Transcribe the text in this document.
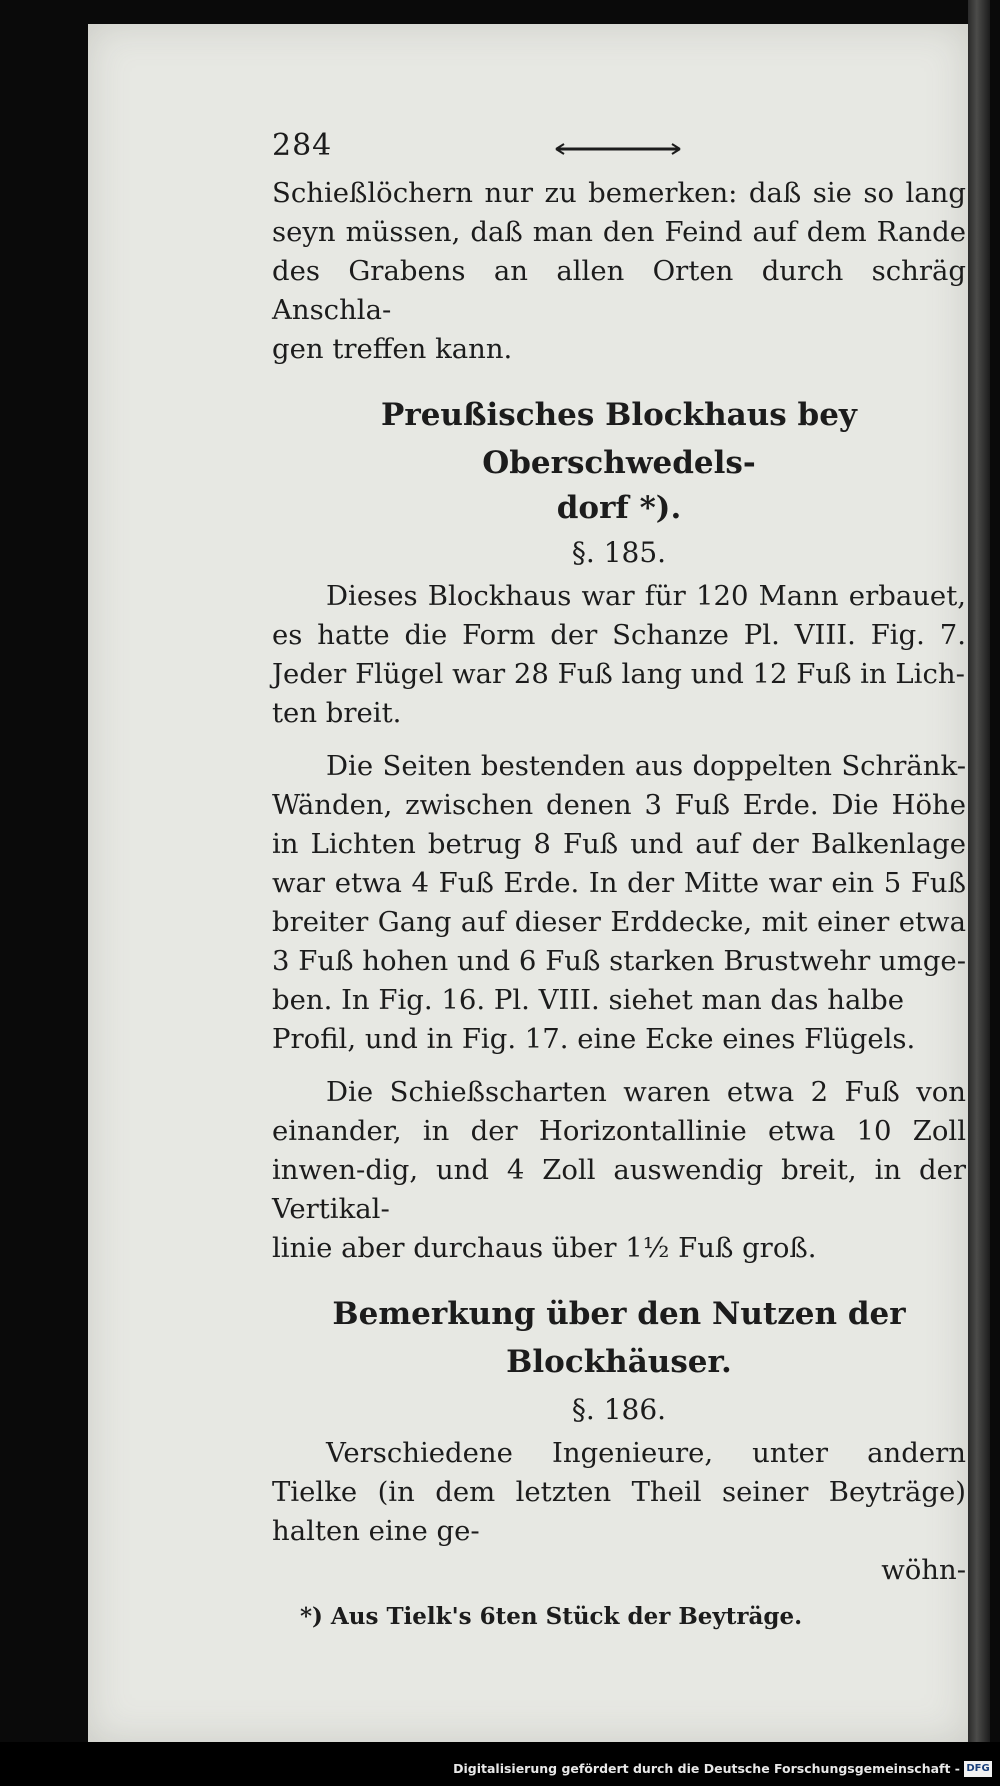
284

Schießlöchern nur zu bemerken: daß sie so lang seyn müssen, daß man den Feind auf dem Rande des Grabens an allen Orten durch schräg Anschla-

gen treffen kann.

Preußisches Blockhaus bey Oberschwedels-
dorf *).
§. 185.

Dieses Blockhaus war für 120 Mann erbauet, es hatte die Form der Schanze Pl. VIII. Fig. 7. Jeder Flügel war 28 Fuß lang und 12 Fuß in Lich-

ten breit.

Die Seiten bestenden aus doppelten Schränk-Wänden, zwischen denen 3 Fuß Erde. Die Höhe in Lichten betrug 8 Fuß und auf der Balkenlage war etwa 4 Fuß Erde. In der Mitte war ein 5 Fuß breiter Gang auf dieser Erddecke, mit einer etwa 3 Fuß hohen und 6 Fuß starken Brustwehr umge-ben. In Fig. 16. Pl. VIII. siehet man das halbe

Profil, und in Fig. 17. eine Ecke eines Flügels.

Die Schießscharten waren etwa 2 Fuß von einander, in der Horizontallinie etwa 10 Zoll inwen-dig, und 4 Zoll auswendig breit, in der Vertikal-

linie aber durchaus über 1½ Fuß groß.

Bemerkung über den Nutzen der Blockhäuser.
§. 186.

Verschiedene Ingenieure, unter andern Tielke (in dem letzten Theil seiner Beyträge) halten eine ge-

wöhn-

*) Aus Tielk's 6ten Stück der Beyträge.

Digitalisierung gefördert durch die Deutsche Forschungsgemeinschaft - DFG
